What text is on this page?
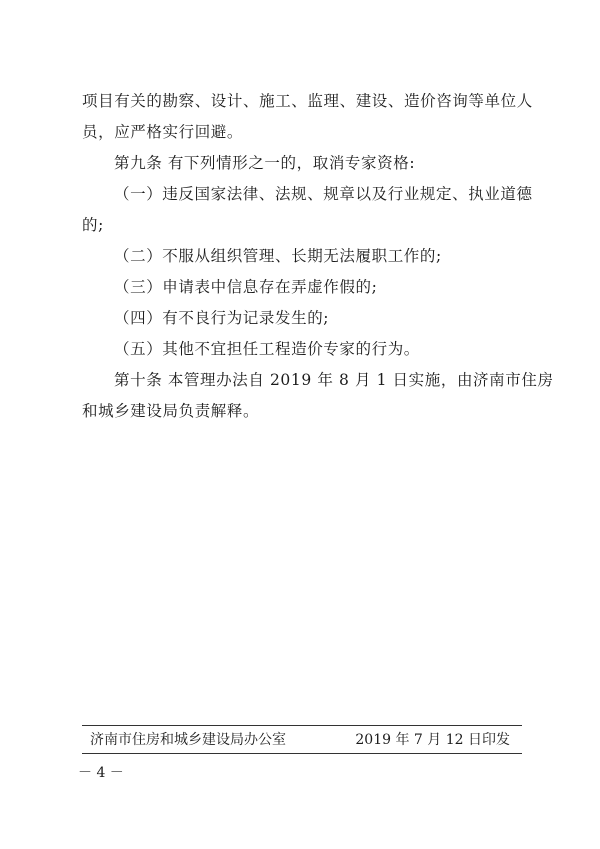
项目有关的勘察、设计、施工、监理、建设、造价咨询等单位人
员，应严格实行回避。
第九条 有下列情形之一的，取消专家资格:
（一）违反国家法律、法规、规章以及行业规定、执业道德
的;
（二）不服从组织管理、长期无法履职工作的;
（三）申请表中信息存在弄虚作假的;
（四）有不良行为记录发生的;
（五）其他不宜担任工程造价专家的行为。
第十条 本管理办法自 2019 年 8 月 1 日实施，由济南市住房
和城乡建设局负责解释。
济南市住房和城乡建设局办公室	2019 年 7 月 12 日印发
－ 4 －
